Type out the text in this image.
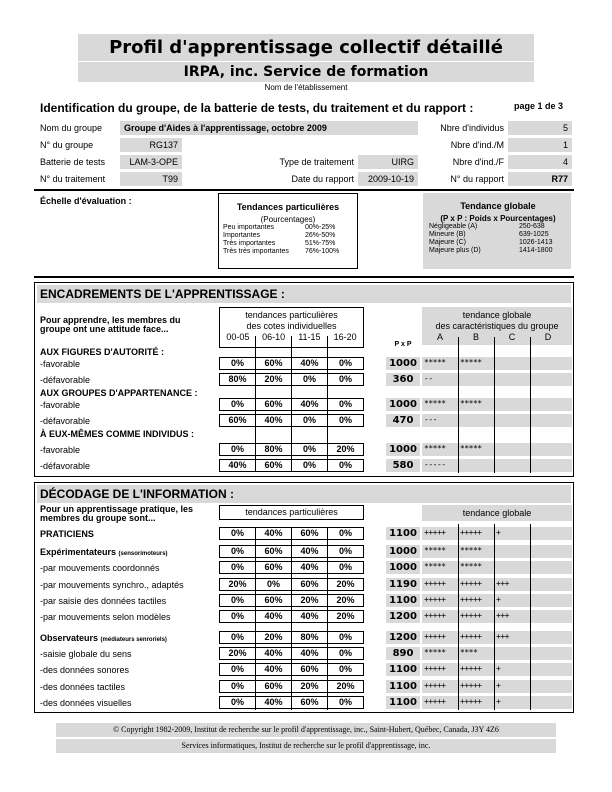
Profil d'apprentissage collectif détaillé
IRPA, inc. Service de formation
Nom de l'établissement
Identification du groupe, de la batterie de tests, du traitement et du rapport :	page 1 de 3
Nom du groupe	Groupe d'Aides à l'apprentissage, octobre 2009
N° du groupe	RG137
Batterie de tests	LAM-3-OPE
N° du traitement	T99
Type de traitement	UIRG
Date du rapport	2009-10-19
Nbre d'individus	5
Nbre d'ind./M	1
Nbre d'ind./F	4
N° du rapport	R77
Échelle d'évaluation :
Tendances particulières
(Pourcentages)
Peu importantes	00%-25%
Importantes	26%-50%
Très importantes	51%-75%
Très très importantes 76%-100%
Tendance globale
(P x P : Poids x Pourcentages)
Négligeable (A)	250-638
Mineure (B)	639-1025
Majeure (C)	1026-1413
Majeure plus (D)	1414-1800
ENCADREMENTS DE L'APPRENTISSAGE :
Pour apprendre, les membres du groupe ont une attitude face...
tendances particulières
des cotes individuelles
00-05	06-10	11-15	16-20
P x P
tendance globale
des caractéristiques du groupe
A	B	C	D
AUX FIGURES D'AUTORITÉ :
-favorable	0%	60%	40%	0%	1000 *****	*****
-défavorable	80%	20%	0%	0%	360	--
AUX GROUPES D'APPARTENANCE :
-favorable	0%	60%	40%	0%	1000 *****	*****
-défavorable	60%	40%	0%	0%	470	---
À EUX-MÊMES COMME INDIVIDUS :
-favorable	0%	80%	0%	20%	1000 *****	*****
-défavorable	40%	60%	0%	0%	580	-----
DÉCODAGE DE L'INFORMATION :
Pour un apprentissage pratique, les membres du groupe sont...
tendances particulières	tendance globale
PRATICIENS	0%	40%	60%	0%	1100 +++++	+++++	+
Expérimentateurs (sensorimoteurs)	0%	60%	40%	0%	1000 *****	*****
-par mouvements coordonnés	0%	60%	40%	0%	1000 *****	*****
-par mouvements synchro., adaptés	20%	0%	60%	20%	1190 +++++	+++++	+++
-par saisie des données tactiles	0%	60%	20%	20%	1100 +++++	+++++	+
-par mouvements selon modèles	0%	40%	40%	20%	1200 +++++	+++++	+++
Observateurs (médiateurs senroriels)	0%	20%	80%	0%	1200 +++++	+++++	+++
-saisie globale du sens	20%	40%	40%	0%	890	*****	****
-des données sonores	0%	40%	60%	0%	1100 +++++	+++++	+
-des données tactiles	0%	60%	20%	20%	1100 +++++	+++++	+
-des données visuelles	0%	40%	60%	0%	1100 +++++	+++++	+
© Copyright 1982-2009, Institut de recherche sur le profil d'apprentissage, inc., Saint-Hubert, Québec, Canada, J3Y 4Z6
Services informatiques, Institut de recherche sur le profil d'apprentissage, inc.
